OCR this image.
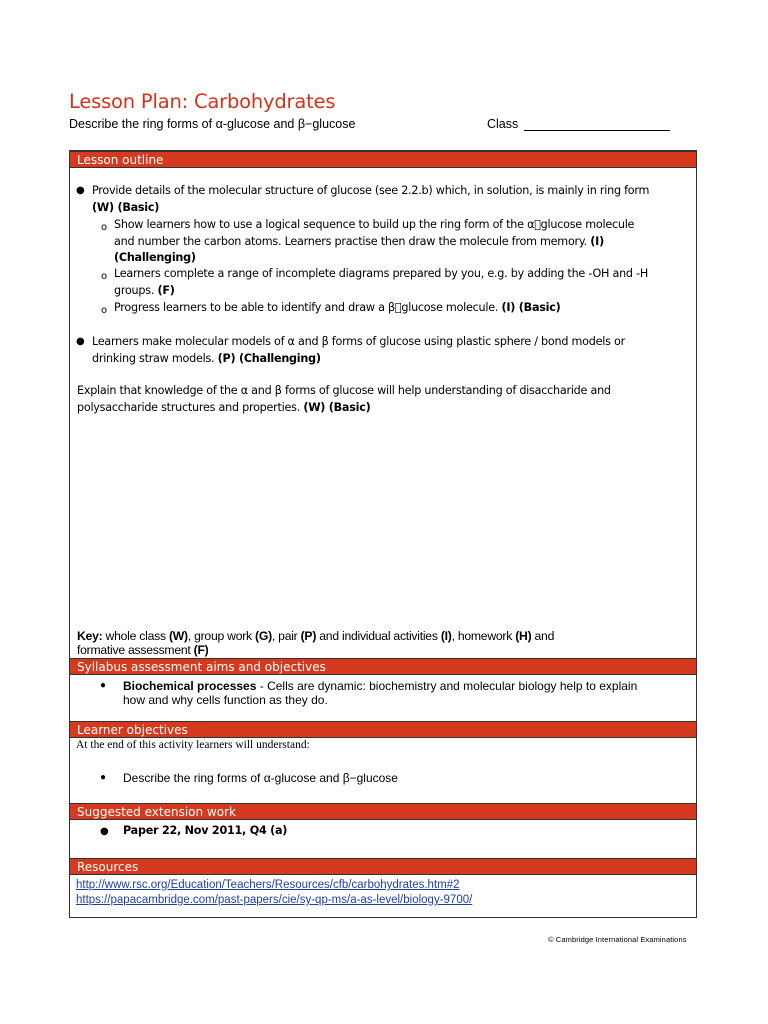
Lesson Plan: Carbohydrates
Describe the ring forms of α-glucose and β−glucose	Class
Lesson outline
● Provide details of the molecular structure of glucose (see 2.2.b) which, in solution, is mainly in ring form
(W) (Basic)
o Show learners how to use a logical sequence to build up the ring form of the α glucose molecule
and number the carbon atoms. Learners practise then draw the molecule from memory. (I)
(Challenging)
o Learners complete a range of incomplete diagrams prepared by you, e.g. by adding the -OH and -H
groups. (F)
o Progress learners to be able to identify and draw a β glucose molecule. (I) (Basic)
● Learners make molecular models of α and β forms of glucose using plastic sphere / bond models or
drinking straw models. (P) (Challenging)
Explain that knowledge of the α and β forms of glucose will help understanding of disaccharide and
polysaccharide structures and properties. (W) (Basic)
Key: whole class (W), group work (G), pair (P) and individual activities (I), homework (H) and
formative assessment (F)
Syllabus assessment aims and objectives
● Biochemical processes - Cells are dynamic: biochemistry and molecular biology help to explain
how and why cells function as they do.
Learner objectives
At the end of this activity learners will understand:
● Describe the ring forms of α-glucose and β−glucose
Suggested extension work
● Paper 22, Nov 2011, Q4 (a)
Resources
http://www.rsc.org/Education/Teachers/Resources/cfb/carbohydrates.htm#2
https://papacambridge.com/past-papers/cie/sy-qp-ms/a-as-level/biology-9700/
© Cambridge International Examinations
